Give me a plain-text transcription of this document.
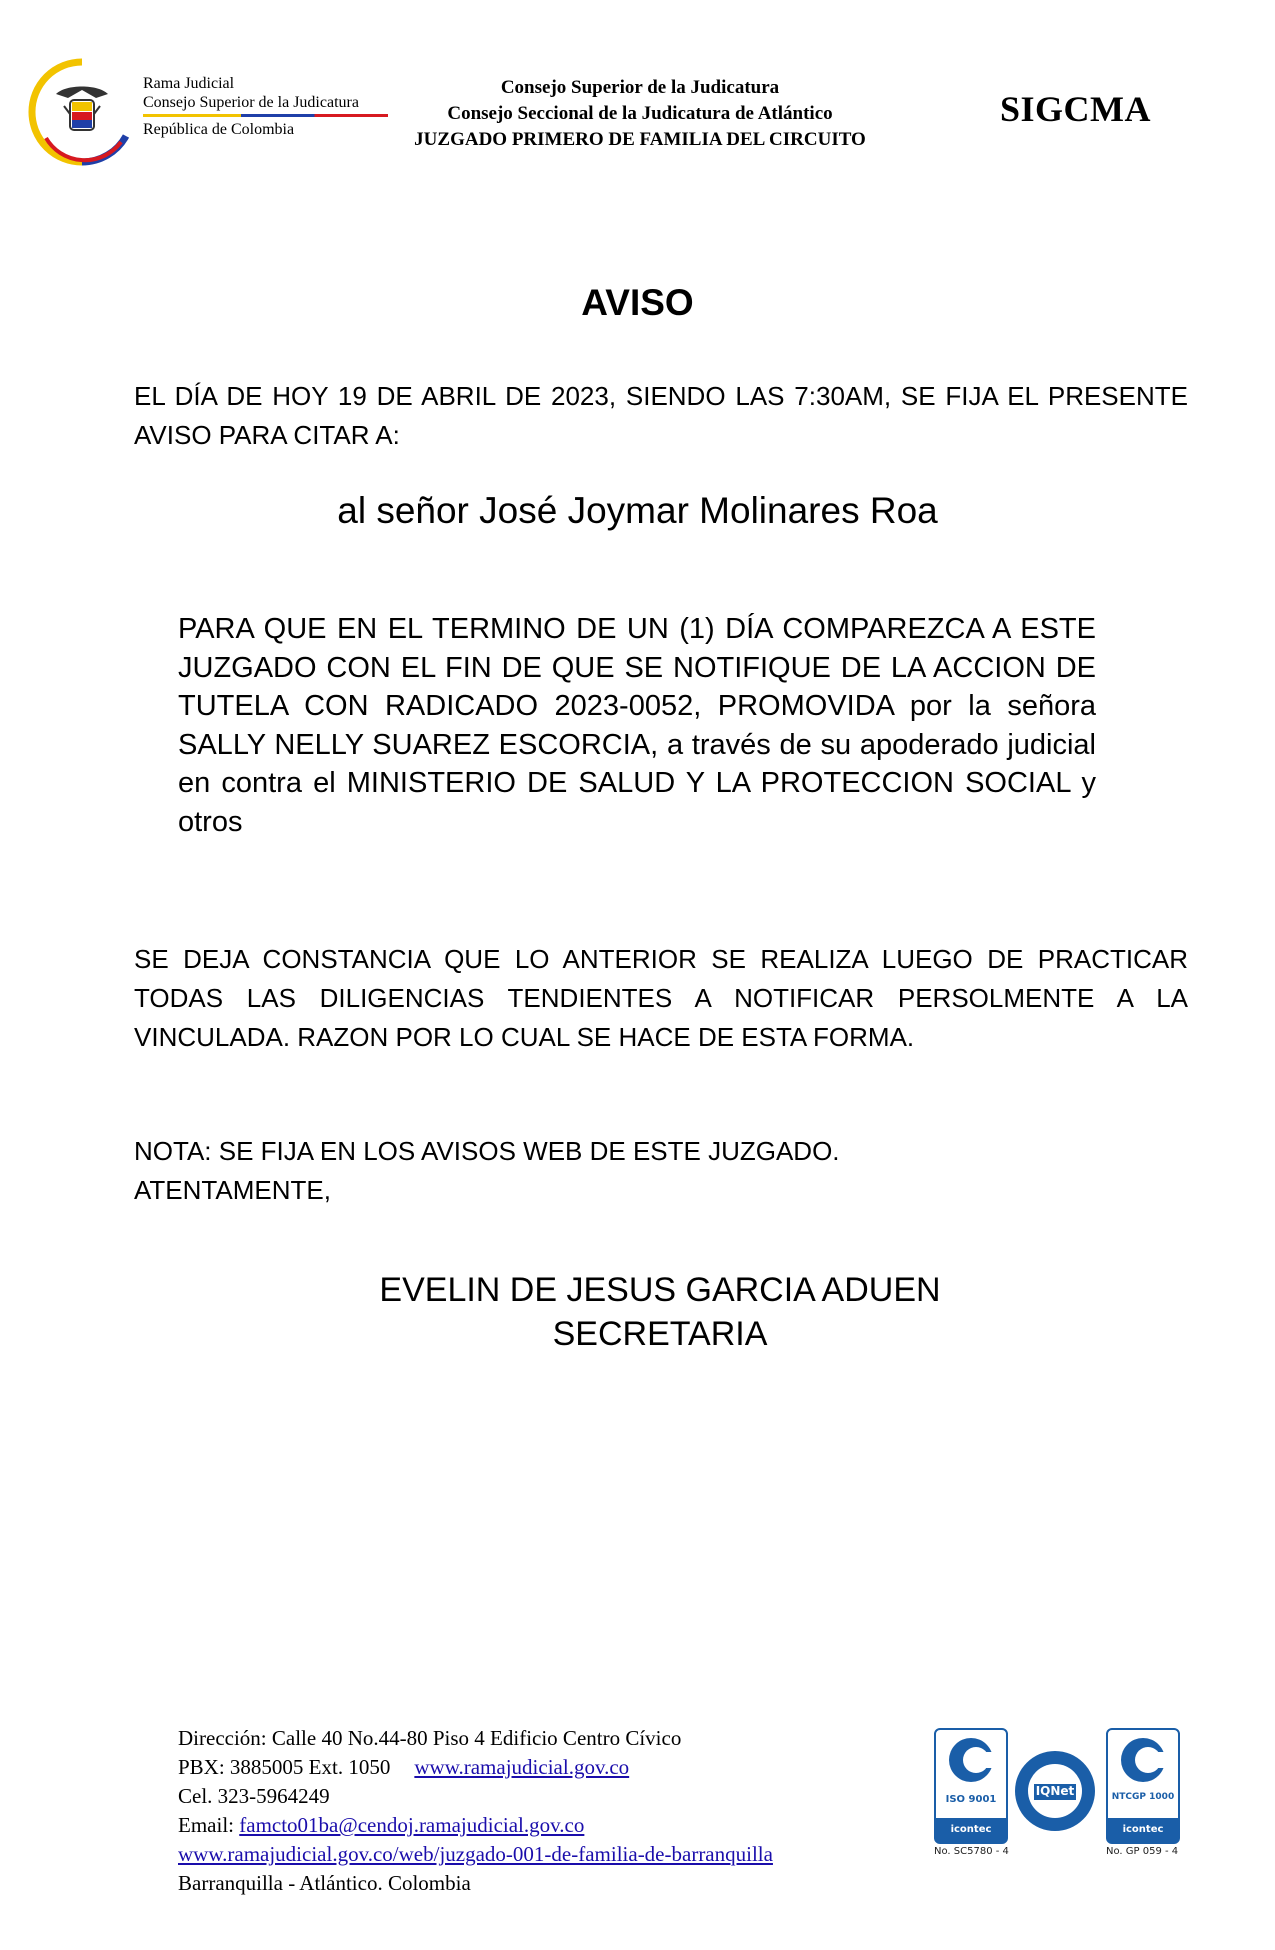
Rama Judicial
Consejo Superior de la Judicatura
República de Colombia
Consejo Superior de la Judicatura
Consejo Seccional de la Judicatura de Atlántico
JUZGADO PRIMERO DE FAMILIA DEL CIRCUITO
SIGCMA
AVISO
EL DÍA DE HOY 19 DE ABRIL DE 2023, SIENDO LAS 7:30AM, SE FIJA EL PRESENTE AVISO PARA CITAR A:
al señor José Joymar Molinares Roa
PARA QUE EN EL TERMINO DE UN (1) DÍA COMPAREZCA A ESTE JUZGADO CON EL FIN DE QUE SE NOTIFIQUE DE LA ACCION DE TUTELA CON RADICADO 2023-0052, PROMOVIDA por la señora SALLY NELLY SUAREZ ESCORCIA, a través de su apoderado judicial en contra el MINISTERIO DE SALUD Y LA PROTECCION SOCIAL y otros
SE DEJA CONSTANCIA QUE LO ANTERIOR SE REALIZA LUEGO DE PRACTICAR TODAS LAS DILIGENCIAS TENDIENTES A NOTIFICAR PERSOLMENTE A LA VINCULADA. RAZON POR LO CUAL SE HACE DE ESTA FORMA.
NOTA: SE FIJA EN LOS AVISOS WEB DE ESTE JUZGADO.
ATENTAMENTE,
EVELIN DE JESUS GARCIA ADUEN
SECRETARIA
Dirección: Calle 40 No.44-80 Piso 4 Edificio Centro Cívico
PBX: 3885005 Ext. 1050 www.ramajudicial.gov.co
Cel. 323-5964249
Email: famcto01ba@cendoj.ramajudicial.gov.co
www.ramajudicial.gov.co/web/juzgado-001-de-familia-de-barranquilla
Barranquilla - Atlántico. Colombia
ISO 9001
icontec
No. SC5780 - 4
IQNet	NTCGP 1000
icontec
No. GP 059 - 4
